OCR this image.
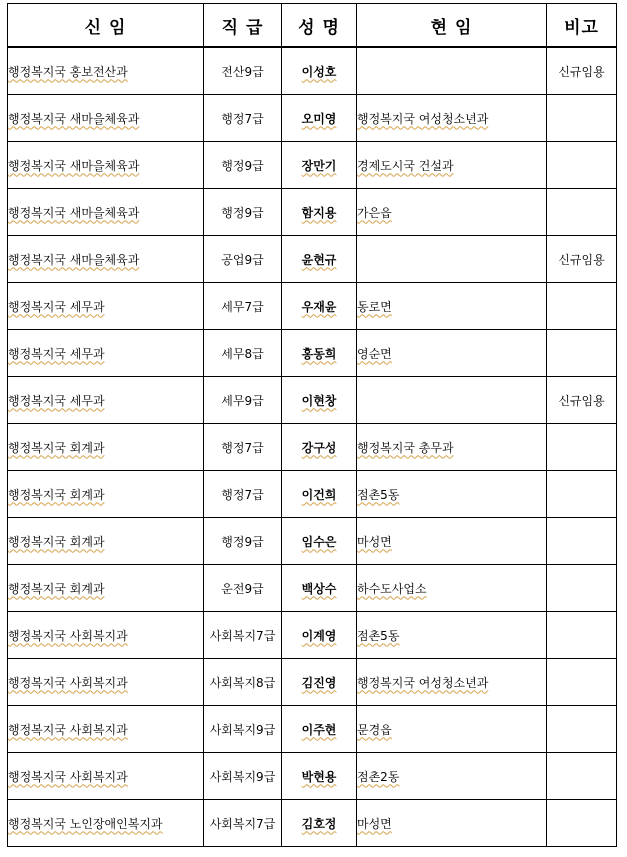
신 임	직 급	성 명	현 임	비고
행정복지국 홍보전산과	전산9급	이성호		신규임용
행정복지국 새마을체육과	행정7급	오미영	행정복지국 여성청소년과	
행정복지국 새마을체육과	행정9급	장만기	경제도시국 건설과	
행정복지국 새마을체육과	행정9급	함지용	가은읍	
행정복지국 새마을체육과	공업9급	윤현규		신규임용
행정복지국 세무과	세무7급	우재윤	동로면	
행정복지국 세무과	세무8급	홍동희	영순면	
행정복지국 세무과	세무9급	이현창		신규임용
행정복지국 회계과	행정7급	강구성	행정복지국 총무과	
행정복지국 회계과	행정7급	이건희	점촌5동	
행정복지국 회계과	행정9급	임수은	마성면	
행정복지국 회계과	운전9급	백상수	하수도사업소	
행정복지국 사회복지과	사회복지7급	이계영	점촌5동	
행정복지국 사회복지과	사회복지8급	김진영	행정복지국 여성청소년과	
행정복지국 사회복지과	사회복지9급	이주현	문경읍	
행정복지국 사회복지과	사회복지9급	박현용	점촌2동	
행정복지국 노인장애인복지과	사회복지7급	김호정	마성면	
